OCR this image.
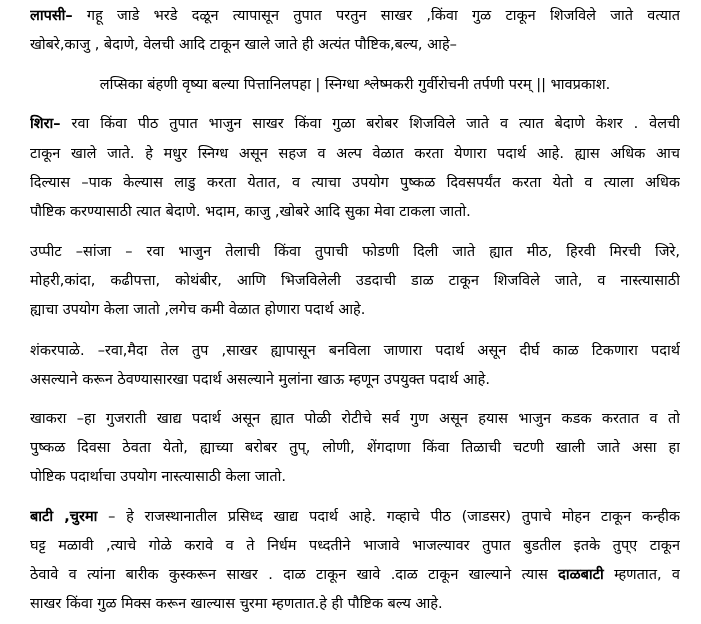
लापसी– गहू जाडे भरडे दळून त्यापासून तुपात परतुन साखर ,किंवा गुळ टाकून शिजविले जाते वत्यात
खोबरे,काजु , बेदाणे, वेलची आदि टाकून खाले जाते ही अत्यंत पौष्टिक,बल्य, आहे–
लप्सिका बंहणी वृष्या बल्या पित्तानिलपहा | स्निग्धा श्लेष्मकरी गुर्वीरोचनी तर्पणी परम् || भावप्रकाश.
शिरा– रवा किंवा पीठ तुपात भाजुन साखर किंवा गुळा बरोबर शिजविले जाते व त्यात बेदाणे केशर . वेलची
टाकून खाले जाते. हे मधुर स्निग्ध असून सहज व अल्प वेळात करता येणारा पदार्थ आहे. ह्यास अधिक आच
दिल्यास –पाक केल्यास लाडु करता येतात, व त्याचा उपयोग पुष्कळ दिवसपर्यंत करता येतो व त्याला अधिक
पौष्टिक करण्यासाठी त्यात बेदाणे. भदाम, काजु ,खोबरे आदि सुका मेवा टाकला जातो.
उप्पीट –सांजा – रवा भाजुन तेलाची किंवा तुपाची फोडणी दिली जाते ह्यात मीठ, हिरवी मिरची जिरे,
मोहरी,कांदा, कढीपत्ता, कोथंबीर, आणि भिजविलेली उडदाची डाळ टाकून शिजविले जाते, व नास्त्यासाठी
ह्याचा उपयोग केला जातो ,लगेच कमी वेळात होणारा पदार्थ आहे.
शंकरपाळे. –रवा,मैदा तेल तुप ,साखर ह्यापासून बनविला जाणारा पदार्थ असून दीर्घ काळ टिकणारा पदार्थ
असल्याने करून ठेवण्यासारखा पदार्थ असल्याने मुलांना खाऊ म्हणून उपयुक्त पदार्थ आहे.
खाकरा –हा गुजराती खाद्य पदार्थ असून ह्यात पोळी रोटीचे सर्व गुण असून हयास भाजुन कडक करतात व तो
पुष्कळ दिवसा ठेवता येतो, ह्याच्या बरोबर तुप्, लोणी, शेंगदाणा किंवा तिळाची चटणी खाली जाते असा हा
पोष्टिक पदार्थाचा उपयोग नास्त्यासाठी केला जातो.
बाटी ,चुरमा – हे राजस्थानातील प्रसिध्द खाद्य पदार्थ आहे. गव्हाचे पीठ (जाडसर) तुपाचे मोहन टाकून कन्हीक
घट्ट मळावी ,त्याचे गोळे करावे व ते निर्धम पध्दतीने भाजावे भाजल्यावर तुपात बुडतील इतके तुप्ए टाकून
ठेवावे व त्यांना बारीक कुस्करून साखर . दाळ टाकून खावे .दाळ टाकून खाल्याने त्यास दाळबाटी म्हणतात, व
साखर किंवा गुळ मिक्स करून खाल्यास चुरमा म्हणतात.हे ही पौष्टिक बल्य आहे.
